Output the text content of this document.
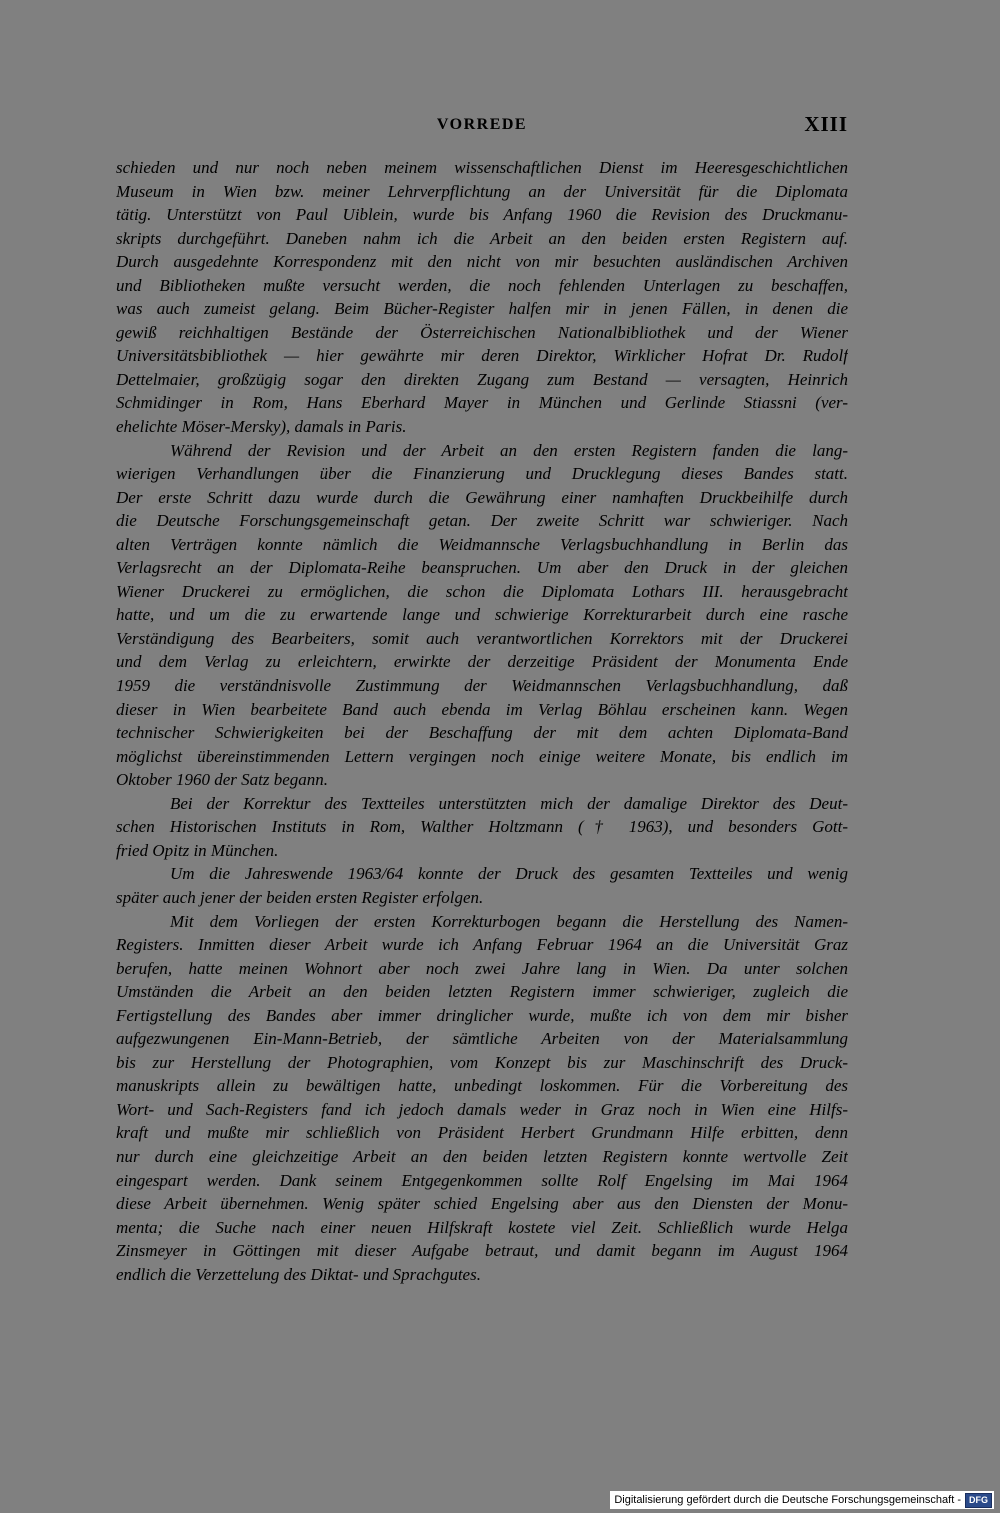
VORREDE	XIII
schieden und nur noch neben meinem wissenschaftlichen Dienst im Heeresgeschichtlichen
Museum in Wien bzw. meiner Lehrverpflichtung an der Universität für die Diplomata
tätig. Unterstützt von Paul Uiblein, wurde bis Anfang 1960 die Revision des Druckmanu-
skripts durchgeführt. Daneben nahm ich die Arbeit an den beiden ersten Registern auf.
Durch ausgedehnte Korrespondenz mit den nicht von mir besuchten ausländischen Archiven
und Bibliotheken mußte versucht werden, die noch fehlenden Unterlagen zu beschaffen,
was auch zumeist gelang. Beim Bücher-Register halfen mir in jenen Fällen, in denen die
gewiß reichhaltigen Bestände der Österreichischen Nationalbibliothek und der Wiener
Universitätsbibliothek — hier gewährte mir deren Direktor, Wirklicher Hofrat Dr. Rudolf
Dettelmaier, großzügig sogar den direkten Zugang zum Bestand — versagten, Heinrich
Schmidinger in Rom, Hans Eberhard Mayer in München und Gerlinde Stiassni (ver-
ehelichte Möser-Mersky), damals in Paris.
Während der Revision und der Arbeit an den ersten Registern fanden die lang-
wierigen Verhandlungen über die Finanzierung und Drucklegung dieses Bandes statt.
Der erste Schritt dazu wurde durch die Gewährung einer namhaften Druckbeihilfe durch
die Deutsche Forschungsgemeinschaft getan. Der zweite Schritt war schwieriger. Nach
alten Verträgen konnte nämlich die Weidmannsche Verlagsbuchhandlung in Berlin das
Verlagsrecht an der Diplomata-Reihe beanspruchen. Um aber den Druck in der gleichen
Wiener Druckerei zu ermöglichen, die schon die Diplomata Lothars III. herausgebracht
hatte, und um die zu erwartende lange und schwierige Korrekturarbeit durch eine rasche
Verständigung des Bearbeiters, somit auch verantwortlichen Korrektors mit der Druckerei
und dem Verlag zu erleichtern, erwirkte der derzeitige Präsident der Monumenta Ende
1959 die verständnisvolle Zustimmung der Weidmannschen Verlagsbuchhandlung, daß
dieser in Wien bearbeitete Band auch ebenda im Verlag Böhlau erscheinen kann. Wegen
technischer Schwierigkeiten bei der Beschaffung der mit dem achten Diplomata-Band
möglichst übereinstimmenden Lettern vergingen noch einige weitere Monate, bis endlich im
Oktober 1960 der Satz begann.
Bei der Korrektur des Textteiles unterstützten mich der damalige Direktor des Deut-
schen Historischen Instituts in Rom, Walther Holtzmann († 1963), und besonders Gott-
fried Opitz in München.
Um die Jahreswende 1963/64 konnte der Druck des gesamten Textteiles und wenig
später auch jener der beiden ersten Register erfolgen.
Mit dem Vorliegen der ersten Korrekturbogen begann die Herstellung des Namen-
Registers. Inmitten dieser Arbeit wurde ich Anfang Februar 1964 an die Universität Graz
berufen, hatte meinen Wohnort aber noch zwei Jahre lang in Wien. Da unter solchen
Umständen die Arbeit an den beiden letzten Registern immer schwieriger, zugleich die
Fertigstellung des Bandes aber immer dringlicher wurde, mußte ich von dem mir bisher
aufgezwungenen Ein-Mann-Betrieb, der sämtliche Arbeiten von der Materialsammlung
bis zur Herstellung der Photographien, vom Konzept bis zur Maschinschrift des Druck-
manuskripts allein zu bewältigen hatte, unbedingt loskommen. Für die Vorbereitung des
Wort- und Sach-Registers fand ich jedoch damals weder in Graz noch in Wien eine Hilfs-
kraft und mußte mir schließlich von Präsident Herbert Grundmann Hilfe erbitten, denn
nur durch eine gleichzeitige Arbeit an den beiden letzten Registern konnte wertvolle Zeit
eingespart werden. Dank seinem Entgegenkommen sollte Rolf Engelsing im Mai 1964
diese Arbeit übernehmen. Wenig später schied Engelsing aber aus den Diensten der Monu-
menta; die Suche nach einer neuen Hilfskraft kostete viel Zeit. Schließlich wurde Helga
Zinsmeyer in Göttingen mit dieser Aufgabe betraut, und damit begann im August 1964
endlich die Verzettelung des Diktat- und Sprachgutes.
Digitalisierung gefördert durch die Deutsche Forschungsgemeinschaft - DFG
